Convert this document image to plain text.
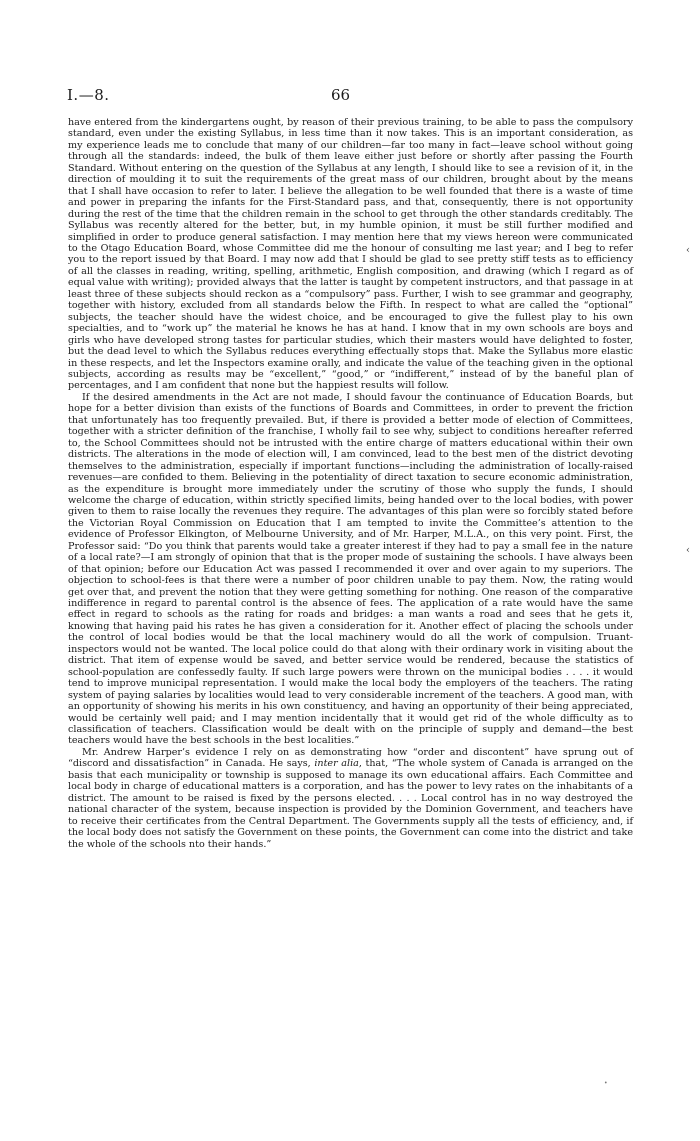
I.—8.	66

have entered from the kindergartens ought, by reason of their previous training, to be able to pass the compulsory standard, even under the existing Syllabus, in less time than it now takes. This is an important consideration, as my experience leads me to conclude that many of our children—far too many in fact—leave school without going through all the standards: indeed, the bulk of them leave either just before or shortly after passing the Fourth Standard. Without entering on the question of the Syllabus at any length, I should like to see a revision of it, in the direction of moulding it to suit the requirements of the great mass of our children, brought about by the means that I shall have occasion to refer to later. I believe the allegation to be well founded that there is a waste of time and power in preparing the infants for the First-Standard pass, and that, consequently, there is not opportunity during the rest of the time that the children remain in the school to get through the other standards creditably. The Syllabus was recently altered for the better, but, in my humble opinion, it must be still further modified and simplified in order to produce general satisfaction. I may mention here that my views hereon were communicated to the Otago Education Board, whose Committee did me the honour of consulting me last year; and I beg to refer you to the report issued by that Board. I may now add that I should be glad to see pretty stiff tests as to efficiency of all the classes in reading, writing, spelling, arithmetic, English composition, and drawing (which I regard as of equal value with writing); provided always that the latter is taught by competent instructors, and that passage in at least three of these subjects should reckon as a “compulsory” pass. Further, I wish to see grammar and geography, together with history, excluded from all standards below the Fifth. In respect to what are called the “optional” subjects, the teacher should have the widest choice, and be encouraged to give the fullest play to his own specialties, and to “work up” the material he knows he has at hand. I know that in my own schools are boys and girls who have developed strong tastes for particular studies, which their masters would have delighted to foster, but the dead level to which the Syllabus reduces everything effectually stops that. Make the Syllabus more elastic in these respects, and let the Inspectors examine orally, and indicate the value of the teaching given in the optional subjects, according as results may be “excellent,” “good,” or “indifferent,” instead of by the baneful plan of percentages, and I am confident that none but the happiest results will follow.

If the desired amendments in the Act are not made, I should favour the continuance of Education Boards, but hope for a better division than exists of the functions of Boards and Committees, in order to prevent the friction that unfortunately has too frequently prevailed. But, if there is provided a better mode of election of Committees, together with a stricter definition of the franchise, I wholly fail to see why, subject to conditions hereafter referred to, the School Committees should not be intrusted with the entire charge of matters educational within their own districts. The alterations in the mode of election will, I am convinced, lead to the best men of the district devoting themselves to the administration, especially if important functions—including the administration of locally-raised revenues—are confided to them. Believing in the potentiality of direct taxation to secure economic administration, as the expenditure is brought more immediately under the scrutiny of those who supply the funds, I should welcome the charge of education, within strictly specified limits, being handed over to the local bodies, with power given to them to raise locally the revenues they require. The advantages of this plan were so forcibly stated before the Victorian Royal Commission on Education that I am tempted to invite the Committee’s attention to the evidence of Professor Elkington, of Melbourne University, and of Mr. Harper, M.L.A., on this very point. First, the Professor said: “Do you think that parents would take a greater interest if they had to pay a small fee in the nature of a local rate?—I am strongly of opinion that that is the proper mode of sustaining the schools. I have always been of that opinion; before our Education Act was passed I recommended it over and over again to my superiors. The objection to school-fees is that there were a number of poor children unable to pay them. Now, the rating would get over that, and prevent the notion that they were getting something for nothing. One reason of the comparative indifference in regard to parental control is the absence of fees. The application of a rate would have the same effect in regard to schools as the rating for roads and bridges: a man wants a road and sees that he gets it, knowing that having paid his rates he has given a consideration for it. Another effect of placing the schools under the control of local bodies would be that the local machinery would do all the work of compulsion. Truant-inspectors would not be wanted. The local police could do that along with their ordinary work in visiting about the district. That item of expense would be saved, and better service would be rendered, because the statistics of school-population are confessedly faulty. If such large powers were thrown on the municipal bodies . . . . it would tend to improve municipal representation. I would make the local body the employers of the teachers. The rating system of paying salaries by localities would lead to very considerable increment of the teachers. A good man, with an opportunity of showing his merits in his own constituency, and having an opportunity of their being appreciated, would be certainly well paid; and I may mention incidentally that it would get rid of the whole difficulty as to classification of teachers. Classification would be dealt with on the principle of supply and demand—the best teachers would have the best schools in the best localities.”

Mr. Andrew Harper’s evidence I rely on as demonstrating how “order and discontent” have sprung out of “discord and dissatisfaction” in Canada. He says, inter alia, that, “The whole system of Canada is arranged on the basis that each municipality or township is supposed to manage its own educational affairs. Each Committee and local body in charge of educational matters is a corporation, and has the power to levy rates on the inhabitants of a district. The amount to be raised is fixed by the persons elected. . . . Local control has in no way destroyed the national character of the system, because inspection is provided by the Dominion Government, and teachers have to receive their certificates from the Central Department. The Governments supply all the tests of efficiency, and, if the local body does not satisfy the Government on these points, the Government can come into the district and take the whole of the schools nto their hands.”

‹
‹
•
